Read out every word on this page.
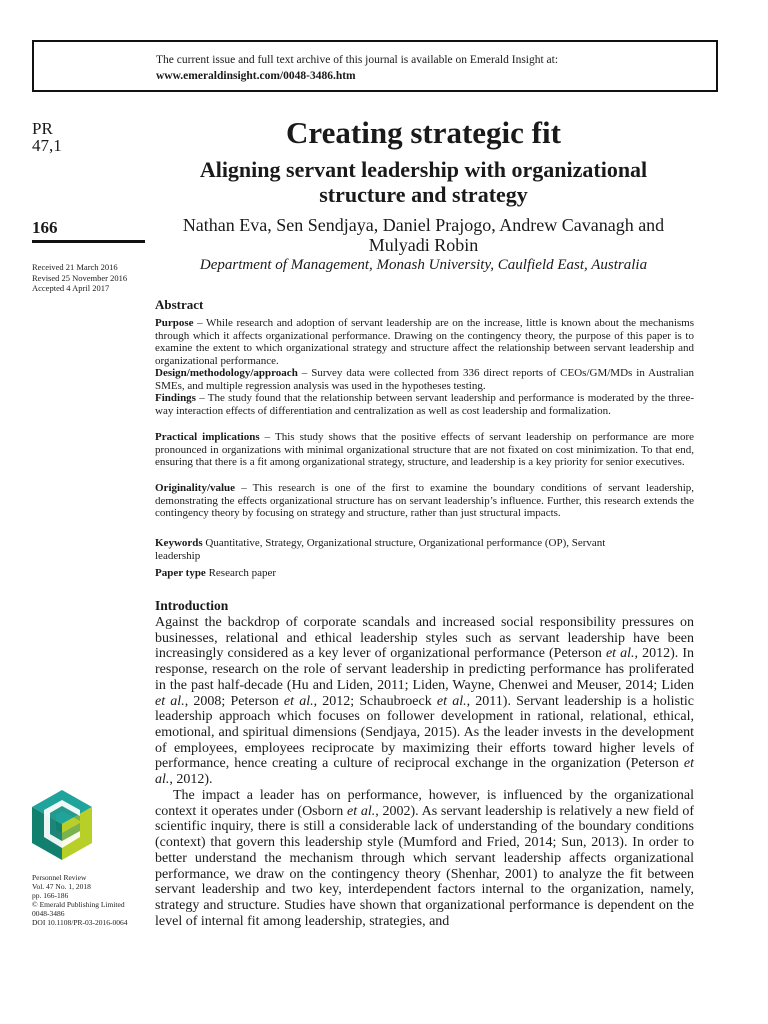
The current issue and full text archive of this journal is available on Emerald Insight at:
www.emeraldinsight.com/0048-3486.htm
PR
47,1
166
Received 21 March 2016
Revised 25 November 2016
Accepted 4 April 2017
Creating strategic fit
Aligning servant leadership with organizational structure and strategy
Nathan Eva, Sen Sendjaya, Daniel Prajogo, Andrew Cavanagh and Mulyadi Robin
Department of Management, Monash University, Caulfield East, Australia
Abstract
Purpose – While research and adoption of servant leadership are on the increase, little is known about the mechanisms through which it affects organizational performance. Drawing on the contingency theory, the purpose of this paper is to examine the extent to which organizational strategy and structure affect the relationship between servant leadership and organizational performance.
Design/methodology/approach – Survey data were collected from 336 direct reports of CEOs/GM/MDs in Australian SMEs, and multiple regression analysis was used in the hypotheses testing.
Findings – The study found that the relationship between servant leadership and performance is moderated by the three-way interaction effects of differentiation and centralization as well as cost leadership and formalization.
Practical implications – This study shows that the positive effects of servant leadership on performance are more pronounced in organizations with minimal organizational structure that are not fixated on cost minimization. To that end, ensuring that there is a fit among organizational strategy, structure, and leadership is a key priority for senior executives.
Originality/value – This research is one of the first to examine the boundary conditions of servant leadership, demonstrating the effects organizational structure has on servant leadership’s influence. Further, this research extends the contingency theory by focusing on strategy and structure, rather than just structural impacts.
Keywords Quantitative, Strategy, Organizational structure, Organizational performance (OP), Servant leadership
Paper type Research paper
Introduction
Against the backdrop of corporate scandals and increased social responsibility pressures on businesses, relational and ethical leadership styles such as servant leadership have been increasingly considered as a key lever of organizational performance (Peterson et al., 2012). In response, research on the role of servant leadership in predicting performance has proliferated in the past half-decade (Hu and Liden, 2011; Liden, Wayne, Chenwei and Meuser, 2014; Liden et al., 2008; Peterson et al., 2012; Schaubroeck et al., 2011). Servant leadership is a holistic leadership approach which focuses on follower development in rational, relational, ethical, emotional, and spiritual dimensions (Sendjaya, 2015). As the leader invests in the development of employees, employees reciprocate by maximizing their efforts toward higher levels of performance, hence creating a culture of reciprocal exchange in the organization (Peterson et al., 2012).
The impact a leader has on performance, however, is influenced by the organizational context it operates under (Osborn et al., 2002). As servant leadership is relatively a new field of scientific inquiry, there is still a considerable lack of understanding of the boundary conditions (context) that govern this leadership style (Mumford and Fried, 2014; Sun, 2013). In order to better understand the mechanism through which servant leadership affects organizational performance, we draw on the contingency theory (Shenhar, 2001) to analyze the fit between servant leadership and two key, interdependent factors internal to the organization, namely, strategy and structure. Studies have shown that organizational performance is dependent on the level of internal fit among leadership, strategies, and
Personnel Review
Vol. 47 No. 1, 2018
pp. 166-186
© Emerald Publishing Limited
0048-3486
DOI 10.1108/PR-03-2016-0064
